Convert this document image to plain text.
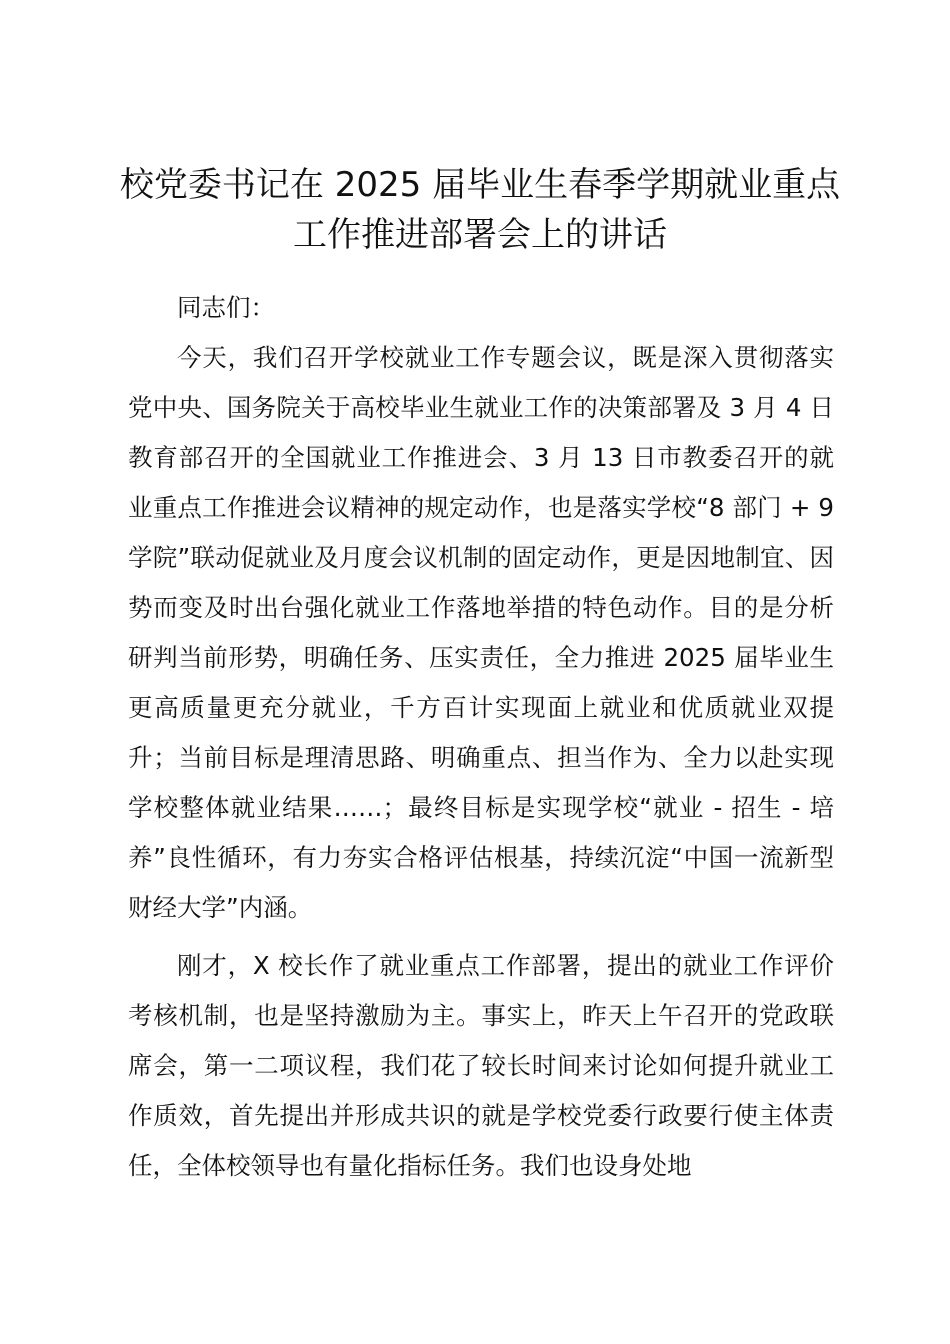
校党委书记在 2025 届毕业生春季学期就业重点工作推进部署会上的讲话

同志们：

今天，我们召开学校就业工作专题会议，既是深入贯彻落实党中央、国务院关于高校毕业生就业工作的决策部署及 3 月 4 日教育部召开的全国就业工作推进会、3 月 13 日市教委召开的就业重点工作推进会议精神的规定动作，也是落实学校“8 部门 + 9 学院”联动促就业及月度会议机制的固定动作，更是因地制宜、因势而变及时出台强化就业工作落地举措的特色动作。目的是分析研判当前形势，明确任务、压实责任，全力推进 2025 届毕业生更高质量更充分就业，千方百计实现面上就业和优质就业双提升；当前目标是理清思路、明确重点、担当作为、全力以赴实现学校整体就业结果……；最终目标是实现学校“就业 - 招生 - 培养”良性循环，有力夯实合格评估根基，持续沉淀“中国一流新型财经大学”内涵。

刚才，X 校长作了就业重点工作部署，提出的就业工作评价考核机制，也是坚持激励为主。事实上，昨天上午召开的党政联席会，第一二项议程，我们花了较长时间来讨论如何提升就业工作质效，首先提出并形成共识的就是学校党委行政要行使主体责任，全体校领导也有量化指标任务。我们也设身处地
